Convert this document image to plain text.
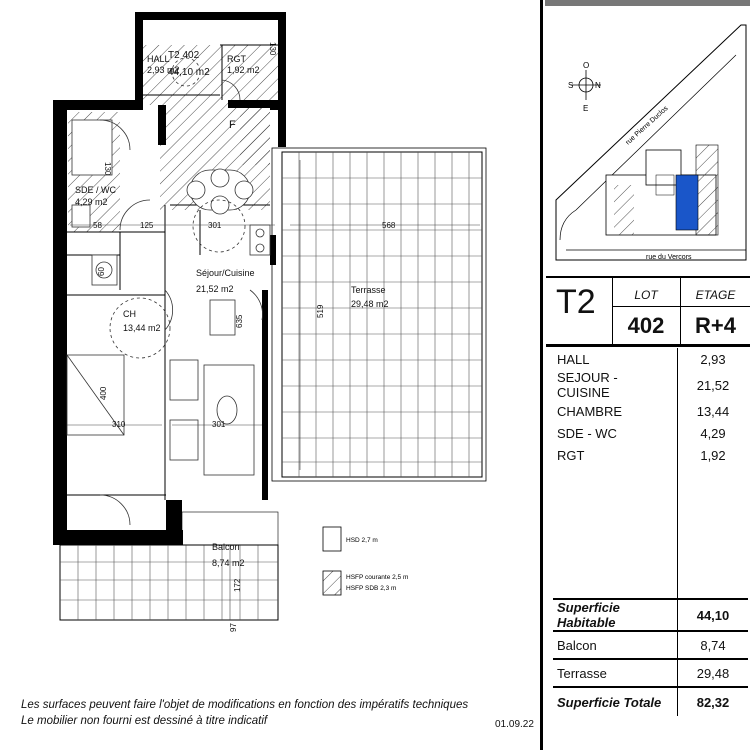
T2 402
44,10 m2
HALL
2,93 m2
RGT
1,92 m2
SDE / WC
4,29 m2
Séjour/Cuisine
21,52 m2
CH
13,44 m2
Terrasse
29,48 m2
Balcon
8,74 m2
130
130
125	301
301
568
519
635
400
310
172
58
60
F
97
HSD 2,7 m
HSFP courante 2,5 m
HSFP SDB 2,3 m
O
N
S
E	rue Pierre Duclos
rue du Vercors
T2	LOT
402
ETAGE
R+4
HALL	2,93
SEJOUR - CUISINE	21,52
CHAMBRE	13,44
SDE - WC	4,29
RGT	1,92

Superficie Habitable	44,10
Balcon	8,74
Terrasse	29,48
Superficie Totale	82,32
Les surfaces peuvent faire l'objet de modifications en fonction des impératifs techniques
Le mobilier non fourni est dessiné à titre indicatif	01.09.22
